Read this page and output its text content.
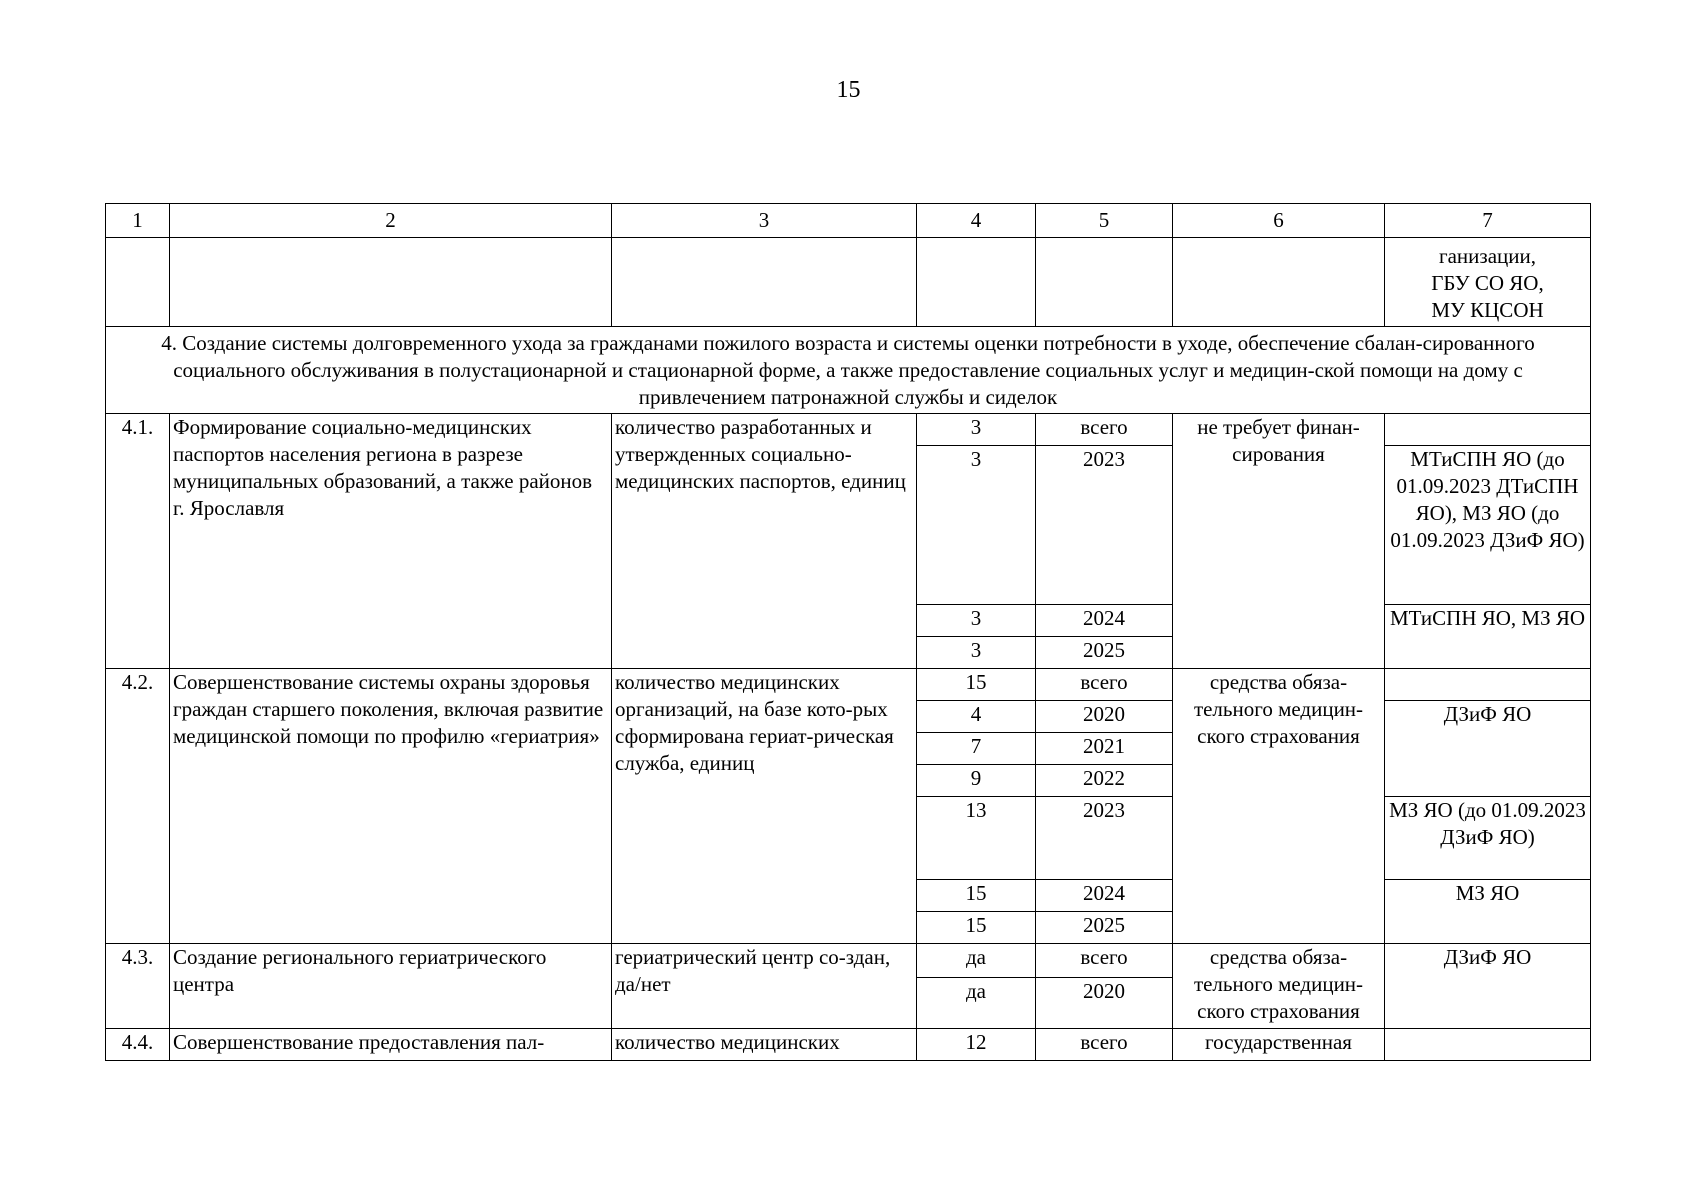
15
1	2	3	4	5	6	7
						ганизации,
ГБУ СО ЯО,
МУ КЦСОН
4. Создание системы долговременного ухода за гражданами пожилого возраста и системы оценки потребности в уходе, обеспечение сбалан-сированного социального обслуживания в полустационарной и стационарной форме, а также предоставление социальных услуг и медицин-ской помощи на дому с привлечением патронажной службы и сиделок						
4.1.	Формирование социально-медицинских паспортов населения региона в разрезе муниципальных образований, а также районов г. Ярославля	количество разработанных и утвержденных социально-медицинских паспортов, единиц	3	всего	не требует финан-сирования	
			3	2023		МТиСПН ЯО (до 01.09.2023 ДТиСПН ЯО), МЗ ЯО (до 01.09.2023 ДЗиФ ЯО)
			3	2024		МТиСПН ЯО, МЗ ЯО
			3	2025		
4.2.	Совершенствование системы охраны здоровья граждан старшего поколения, включая развитие медицинской помощи по профилю «гериатрия»	количество медицинских организаций, на базе кото-рых сформирована гериат-рическая служба, единиц	15	всего	средства обяза-тельного медицин-ского страхования	
			4	2020		ДЗиФ ЯО
			7	2021		
			9	2022		
			13	2023		МЗ ЯО (до 01.09.2023 ДЗиФ ЯО)
			15	2024		МЗ ЯО
			15	2025		
4.3.	Создание регионального гериатрического центра	гериатрический центр со-здан, да/нет	да	всего	средства обяза-тельного медицин-ского страхования	ДЗиФ ЯО
			да	2020		
4.4.	Совершенствование предоставления пал-	количество медицинских	12	всего	государственная	
